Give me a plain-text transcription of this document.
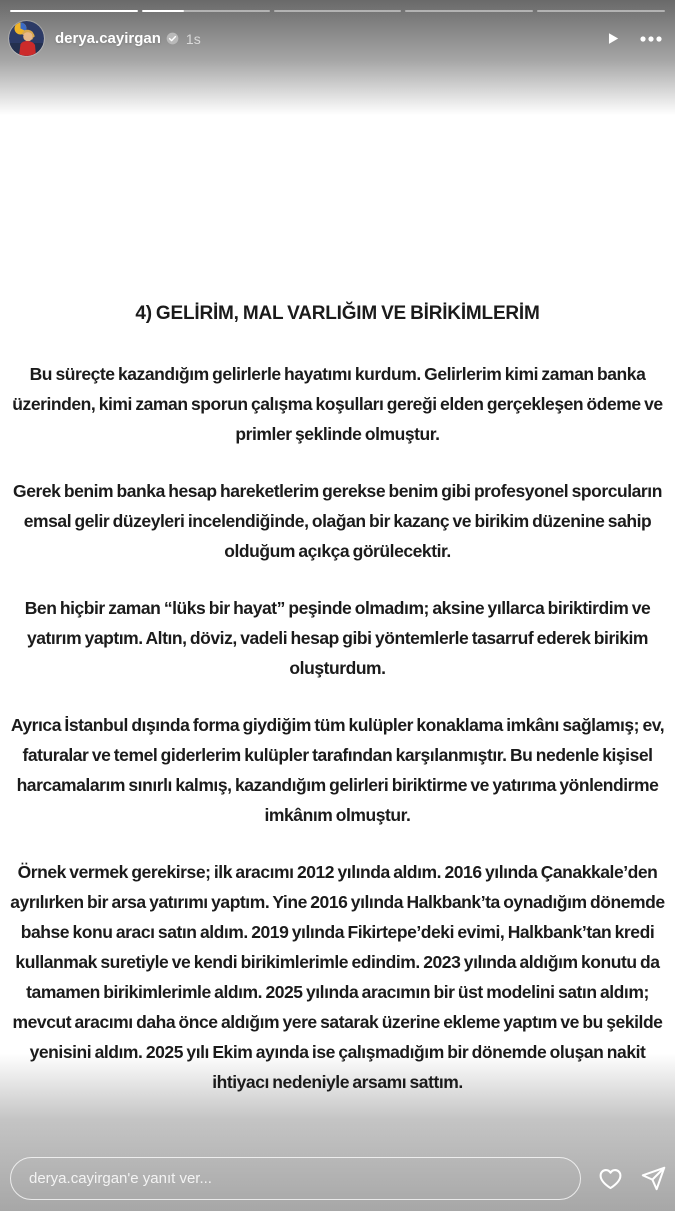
derya.cayirgan 1s
4) GELİRİM, MAL VARLIĞIM VE BİRİKİMLERİM

Bu süreçte kazandığım gelirlerle hayatımı kurdum. Gelirlerim kimi zaman banka üzerinden, kimi zaman sporun çalışma koşulları gereği elden gerçekleşen ödeme ve primler şeklinde olmuştur.

Gerek benim banka hesap hareketlerim gerekse benim gibi profesyonel sporcuların emsal gelir düzeyleri incelendiğinde, olağan bir kazanç ve birikim düzenine sahip olduğum açıkça görülecektir.

Ben hiçbir zaman “lüks bir hayat” peşinde olmadım; aksine yıllarca biriktirdim ve yatırım yaptım. Altın, döviz, vadeli hesap gibi yöntemlerle tasarruf ederek birikim oluşturdum.

Ayrıca İstanbul dışında forma giydiğim tüm kulüpler konaklama imkânı sağlamış; ev, faturalar ve temel giderlerim kulüpler tarafından karşılanmıştır. Bu nedenle kişisel harcamalarım sınırlı kalmış, kazandığım gelirleri biriktirme ve yatırıma yönlendirme imkânım olmuştur.

Örnek vermek gerekirse; ilk aracımı 2012 yılında aldım. 2016 yılında Çanakkale’den ayrılırken bir arsa yatırımı yaptım. Yine 2016 yılında Halkbank’ta oynadığım dönemde bahse konu aracı satın aldım. 2019 yılında Fikirtepe’deki evimi, Halkbank’tan kredi kullanmak suretiyle ve kendi birikimlerimle edindim. 2023 yılında aldığım konutu da tamamen birikimlerimle aldım. 2025 yılında aracımın bir üst modelini satın aldım; mevcut aracımı daha önce aldığım yere satarak üzerine ekleme yaptım ve bu şekilde yenisini aldım. 2025 yılı Ekim ayında ise çalışmadığım bir dönemde oluşan nakit ihtiyacı nedeniyle arsamı sattım.

derya.cayirgan'e yanıt ver...
